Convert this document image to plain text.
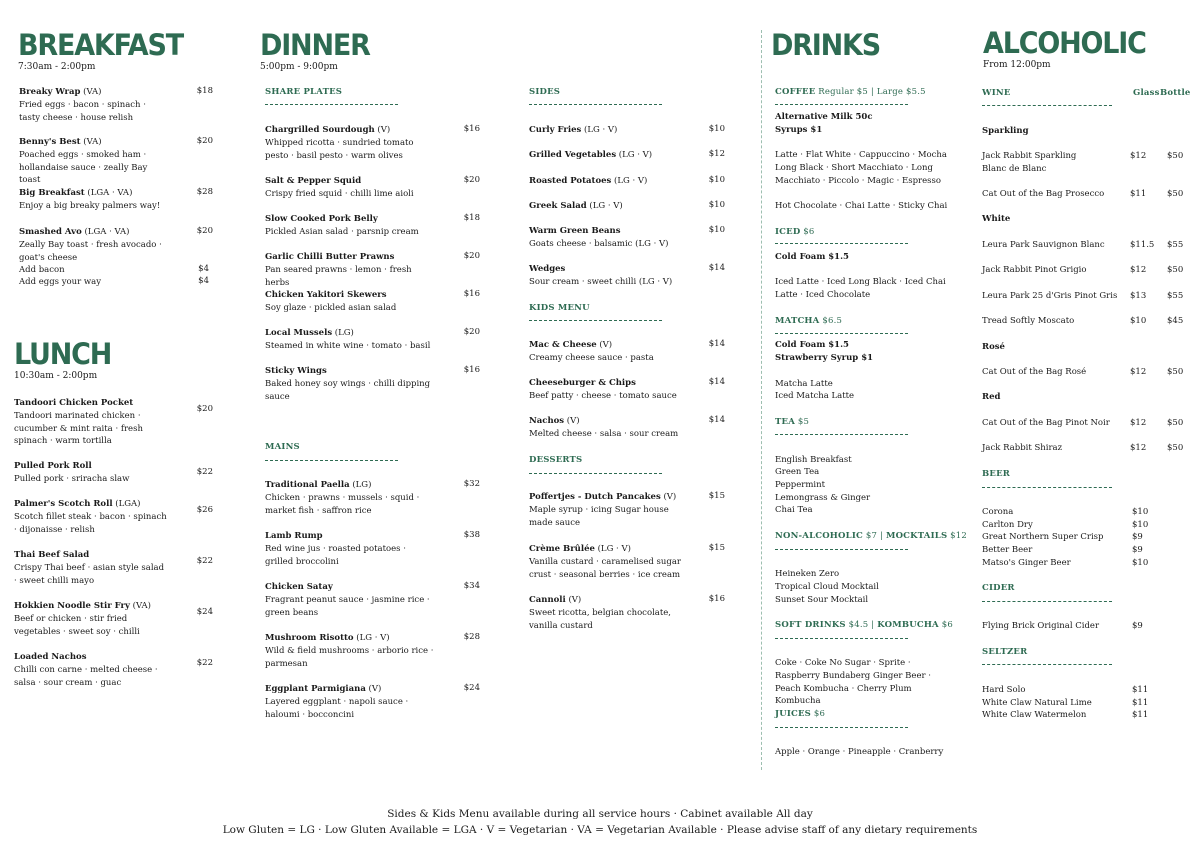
BREAKFAST
7:30am - 2:00pm
Breaky Wrap (VA)
Fried eggs · bacon · spinach · tasty cheese · house relish
$18
Benny's Best (VA)
Poached eggs · smoked ham · hollandaise sauce · zeally Bay toast
$20
Big Breakfast (LGA · VA)
Enjoy a big breaky palmers way!
$28
Smashed Avo (LGA · VA)
Zeally Bay toast · fresh avocado · goat's cheese
$20
Add bacon	$4
Add eggs your way	$4
LUNCH
10:30am - 2:00pm
Tandoori Chicken Pocket
Tandoori marinated chicken · cucumber & mint raita · fresh spinach · warm tortilla
$20
Pulled Pork Roll
Pulled pork · sriracha slaw
$22
Palmer's Scotch Roll (LGA)
Scotch fillet steak · bacon · spinach · dijonaisse · relish
$26
Thai Beef Salad
Crispy Thai beef · asian style salad · sweet chilli mayo
$22
Hokkien Noodle Stir Fry (VA)
Beef or chicken · stir fried vegetables · sweet soy · chilli
$24
Loaded Nachos
Chilli con carne · melted cheese · salsa · sour cream · guac
$22
DINNER
5:00pm - 9:00pm
SHARE PLATES
Chargrilled Sourdough (V)
Whipped ricotta · sundried tomato pesto · basil pesto · warm olives
$16
Salt & Pepper Squid
Crispy fried squid · chilli lime aioli
$20
Slow Cooked Pork Belly
Pickled Asian salad · parsnip cream
$18
Garlic Chilli Butter Prawns
Pan seared prawns · lemon · fresh herbs
$20
Chicken Yakitori Skewers
Soy glaze · pickled asian salad
$16
Local Mussels (LG)
Steamed in white wine · tomato · basil
$20
Sticky Wings
Baked honey soy wings · chilli dipping sauce
$16
MAINS
Traditional Paella (LG)
Chicken · prawns · mussels · squid · market fish · saffron rice
$32
Lamb Rump
Red wine jus · roasted potatoes · grilled broccolini
$38
Chicken Satay
Fragrant peanut sauce · jasmine rice · green beans
$34
Mushroom Risotto (LG · V)
Wild & field mushrooms · arborio rice · parmesan
$28
Eggplant Parmigiana (V)
Layered eggplant · napoli sauce · haloumi · bocconcini
$24
SIDES
Curly Fries (LG · V)	$10
Grilled Vegetables (LG · V)	$12
Roasted Potatoes (LG · V)	$10
Greek Salad (LG · V)	$10
Warm Green Beans
Goats cheese · balsamic (LG · V)
$10
Wedges
Sour cream · sweet chilli (LG · V)
$14
KIDS MENU
Mac & Cheese (V)
Creamy cheese sauce · pasta
$14
Cheeseburger & Chips
Beef patty · cheese · tomato sauce
$14
Nachos (V)
Melted cheese · salsa · sour cream
$14
DESSERTS
Poffertjes - Dutch Pancakes (V)
Maple syrup · icing Sugar house made sauce
$15
Crème Brûlée (LG · V)
Vanilla custard · caramelised sugar crust · seasonal berries · ice cream
$15
Cannoli (V)
Sweet ricotta, belgian chocolate, vanilla custard
$16
DRINKS
COFFEE Regular $5 | Large $5.5
Alternative Milk 50c
Syrups $1
Latte · Flat White · Cappuccino · Mocha Long Black · Short Macchiato · Long Macchiato · Piccolo · Magic · Espresso
Hot Chocolate · Chai Latte · Sticky Chai
ICED $6
Cold Foam $1.5
Iced Latte · Iced Long Black · Iced Chai Latte · Iced Chocolate
MATCHA $6.5
Cold Foam $1.5
Strawberry Syrup $1
Matcha Latte
Iced Matcha Latte
TEA $5
English Breakfast
Green Tea
Peppermint
Lemongrass & Ginger
Chai Tea
NON-ALCOHOLIC $7 | MOCKTAILS $12
Heineken Zero
Tropical Cloud Mocktail
Sunset Sour Mocktail
SOFT DRINKS $4.5 | KOMBUCHA $6
Coke · Coke No Sugar · Sprite · Raspberry Bundaberg Ginger Beer · Peach Kombucha · Cherry Plum Kombucha
JUICES $6
Apple · Orange · Pineapple · Cranberry
ALCOHOLIC
From 12:00pm
WINE	Glass Bottle
Sparkling
Jack Rabbit Sparkling Blanc de Blanc
$12 $50
Cat Out of the Bag Prosecco	$11 $50
White
Leura Park Sauvignon Blanc	$11.5 $55
Jack Rabbit Pinot Grigio	$12 $50
Leura Park 25 d'Gris Pinot Gris $13 $55
Tread Softly Moscato	$10 $45
Rosé
Cat Out of the Bag Rosé	$12 $50
Red
Cat Out of the Bag Pinot Noir $12 $50
Jack Rabbit Shiraz	$12 $50
BEER
Corona	$10
Carlton Dry	$10
Great Northern Super Crisp	$9
Better Beer	$9
Matso's Ginger Beer	$10
CIDER
Flying Brick Original Cider	$9
SELTZER
Hard Solo	$11
White Claw Natural Lime	$11
White Claw Watermelon	$11
Sides & Kids Menu available during all service hours · Cabinet available All day
Low Gluten = LG · Low Gluten Available = LGA · V = Vegetarian · VA = Vegetarian Available · Please advise staff of any dietary requirements
